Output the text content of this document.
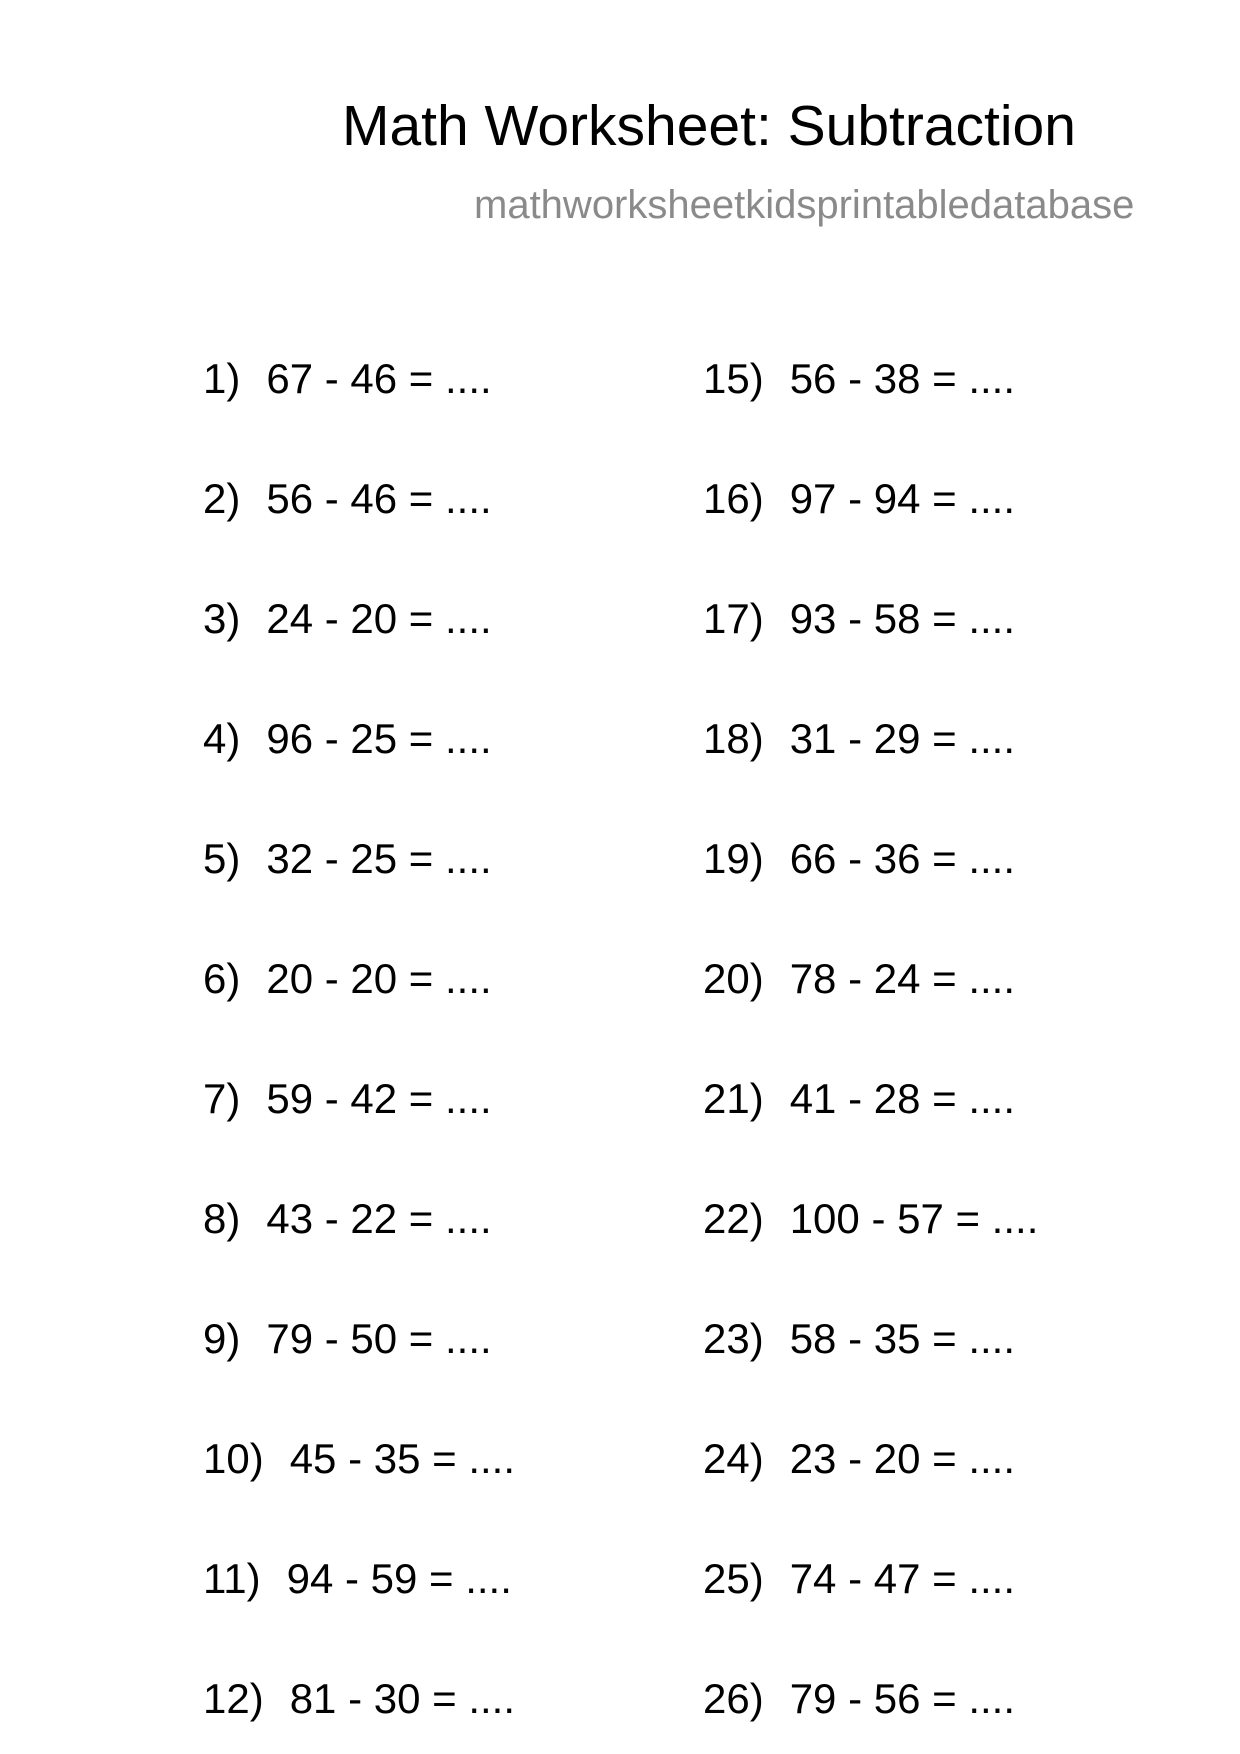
Math Worksheet: Subtraction
mathworksheetkidsprintabledatabase
1) 67 - 46 = ....
2) 56 - 46 = ....
3) 24 - 20 = ....
4) 96 - 25 = ....
5) 32 - 25 = ....
6) 20 - 20 = ....
7) 59 - 42 = ....
8) 43 - 22 = ....
9) 79 - 50 = ....
10) 45 - 35 = ....
11) 94 - 59 = ....
12) 81 - 30 = ....
15) 56 - 38 = ....
16) 97 - 94 = ....
17) 93 - 58 = ....
18) 31 - 29 = ....
19) 66 - 36 = ....
20) 78 - 24 = ....
21) 41 - 28 = ....
22) 100 - 57 = ....
23) 58 - 35 = ....
24) 23 - 20 = ....
25) 74 - 47 = ....
26) 79 - 56 = ....
